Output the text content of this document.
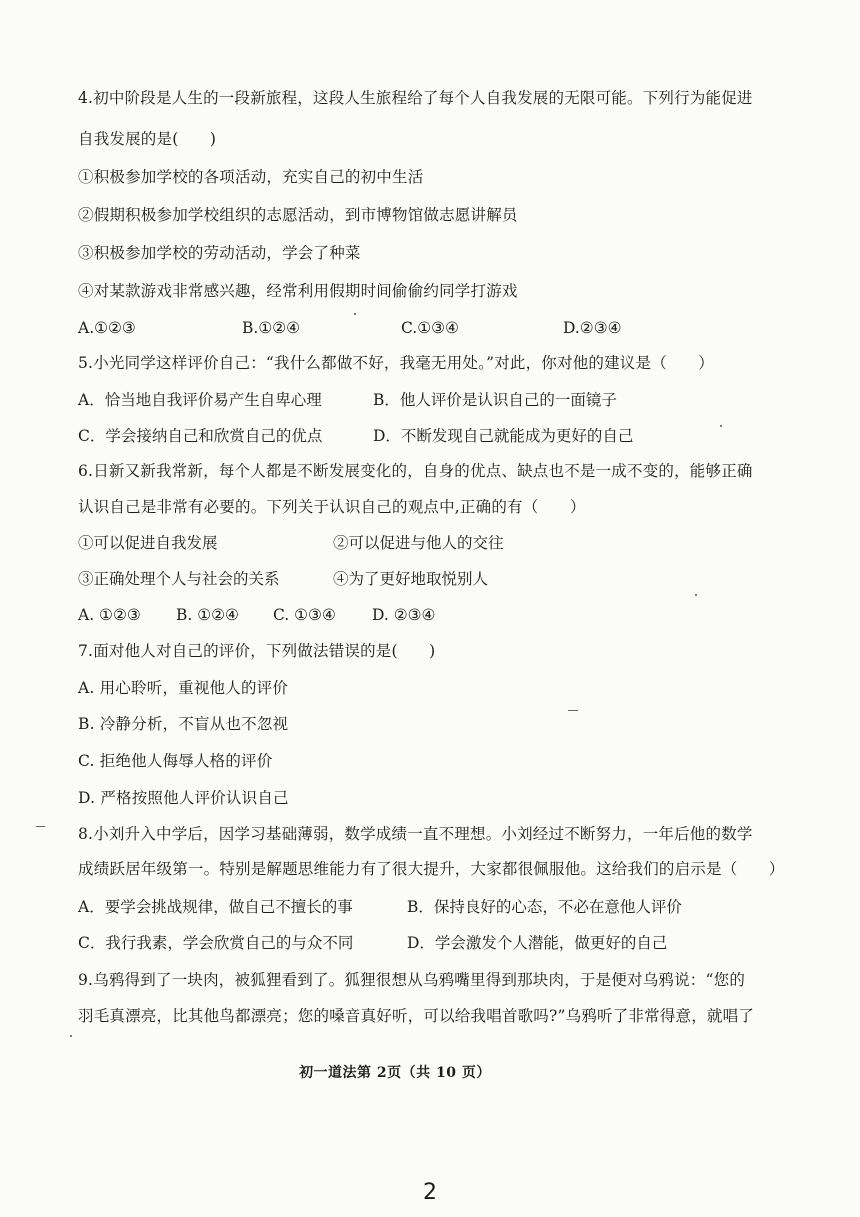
4.初中阶段是人生的一段新旅程，这段人生旅程给了每个人自我发展的无限可能。下列行为能促进
自我发展的是(　　)
①积极参加学校的各项活动，充实自己的初中生活
②假期积极参加学校组织的志愿活动，到市博物馆做志愿讲解员
③积极参加学校的劳动活动，学会了种菜
④对某款游戏非常感兴趣，经常利用假期时间偷偷约同学打游戏
A.①②③	B.①②④	C.①③④	D.②③④
5.小光同学这样评价自己：“我什么都做不好，我毫无用处。”对此，你对他的建议是（　　）
A．恰当地自我评价易产生自卑心理	B．他人评价是认识自己的一面镜子
C．学会接纳自己和欣赏自己的优点	D．不断发现自己就能成为更好的自己
6.日新又新我常新，每个人都是不断发展变化的，自身的优点、缺点也不是一成不变的，能够正确
认识自己是非常有必要的。下列关于认识自己的观点中,正确的有（　　）
①可以促进自我发展	②可以促进与他人的交往
③正确处理个人与社会的关系	④为了更好地取悦别人
A. ①②③ B. ①②④ C. ①③④ D. ②③④
7.面对他人对自己的评价，下列做法错误的是(　　)
A. 用心聆听，重视他人的评价
B. 冷静分析，不盲从也不忽视
C. 拒绝他人侮辱人格的评价
D. 严格按照他人评价认识自己
8.小刘升入中学后，因学习基础薄弱，数学成绩一直不理想。小刘经过不断努力，一年后他的数学
成绩跃居年级第一。特别是解题思维能力有了很大提升，大家都很佩服他。这给我们的启示是（　　）
A．要学会挑战规律，做自己不擅长的事	B．保持良好的心态，不必在意他人评价
C．我行我素，学会欣赏自己的与众不同	D．学会激发个人潜能，做更好的自己
9.乌鸦得到了一块肉，被狐狸看到了。狐狸很想从乌鸦嘴里得到那块肉，于是便对乌鸦说：“您的
羽毛真漂亮，比其他鸟都漂亮；您的嗓音真好听，可以给我唱首歌吗?”乌鸦听了非常得意，就唱了
初一道法第 2页（共 10 页）
2
